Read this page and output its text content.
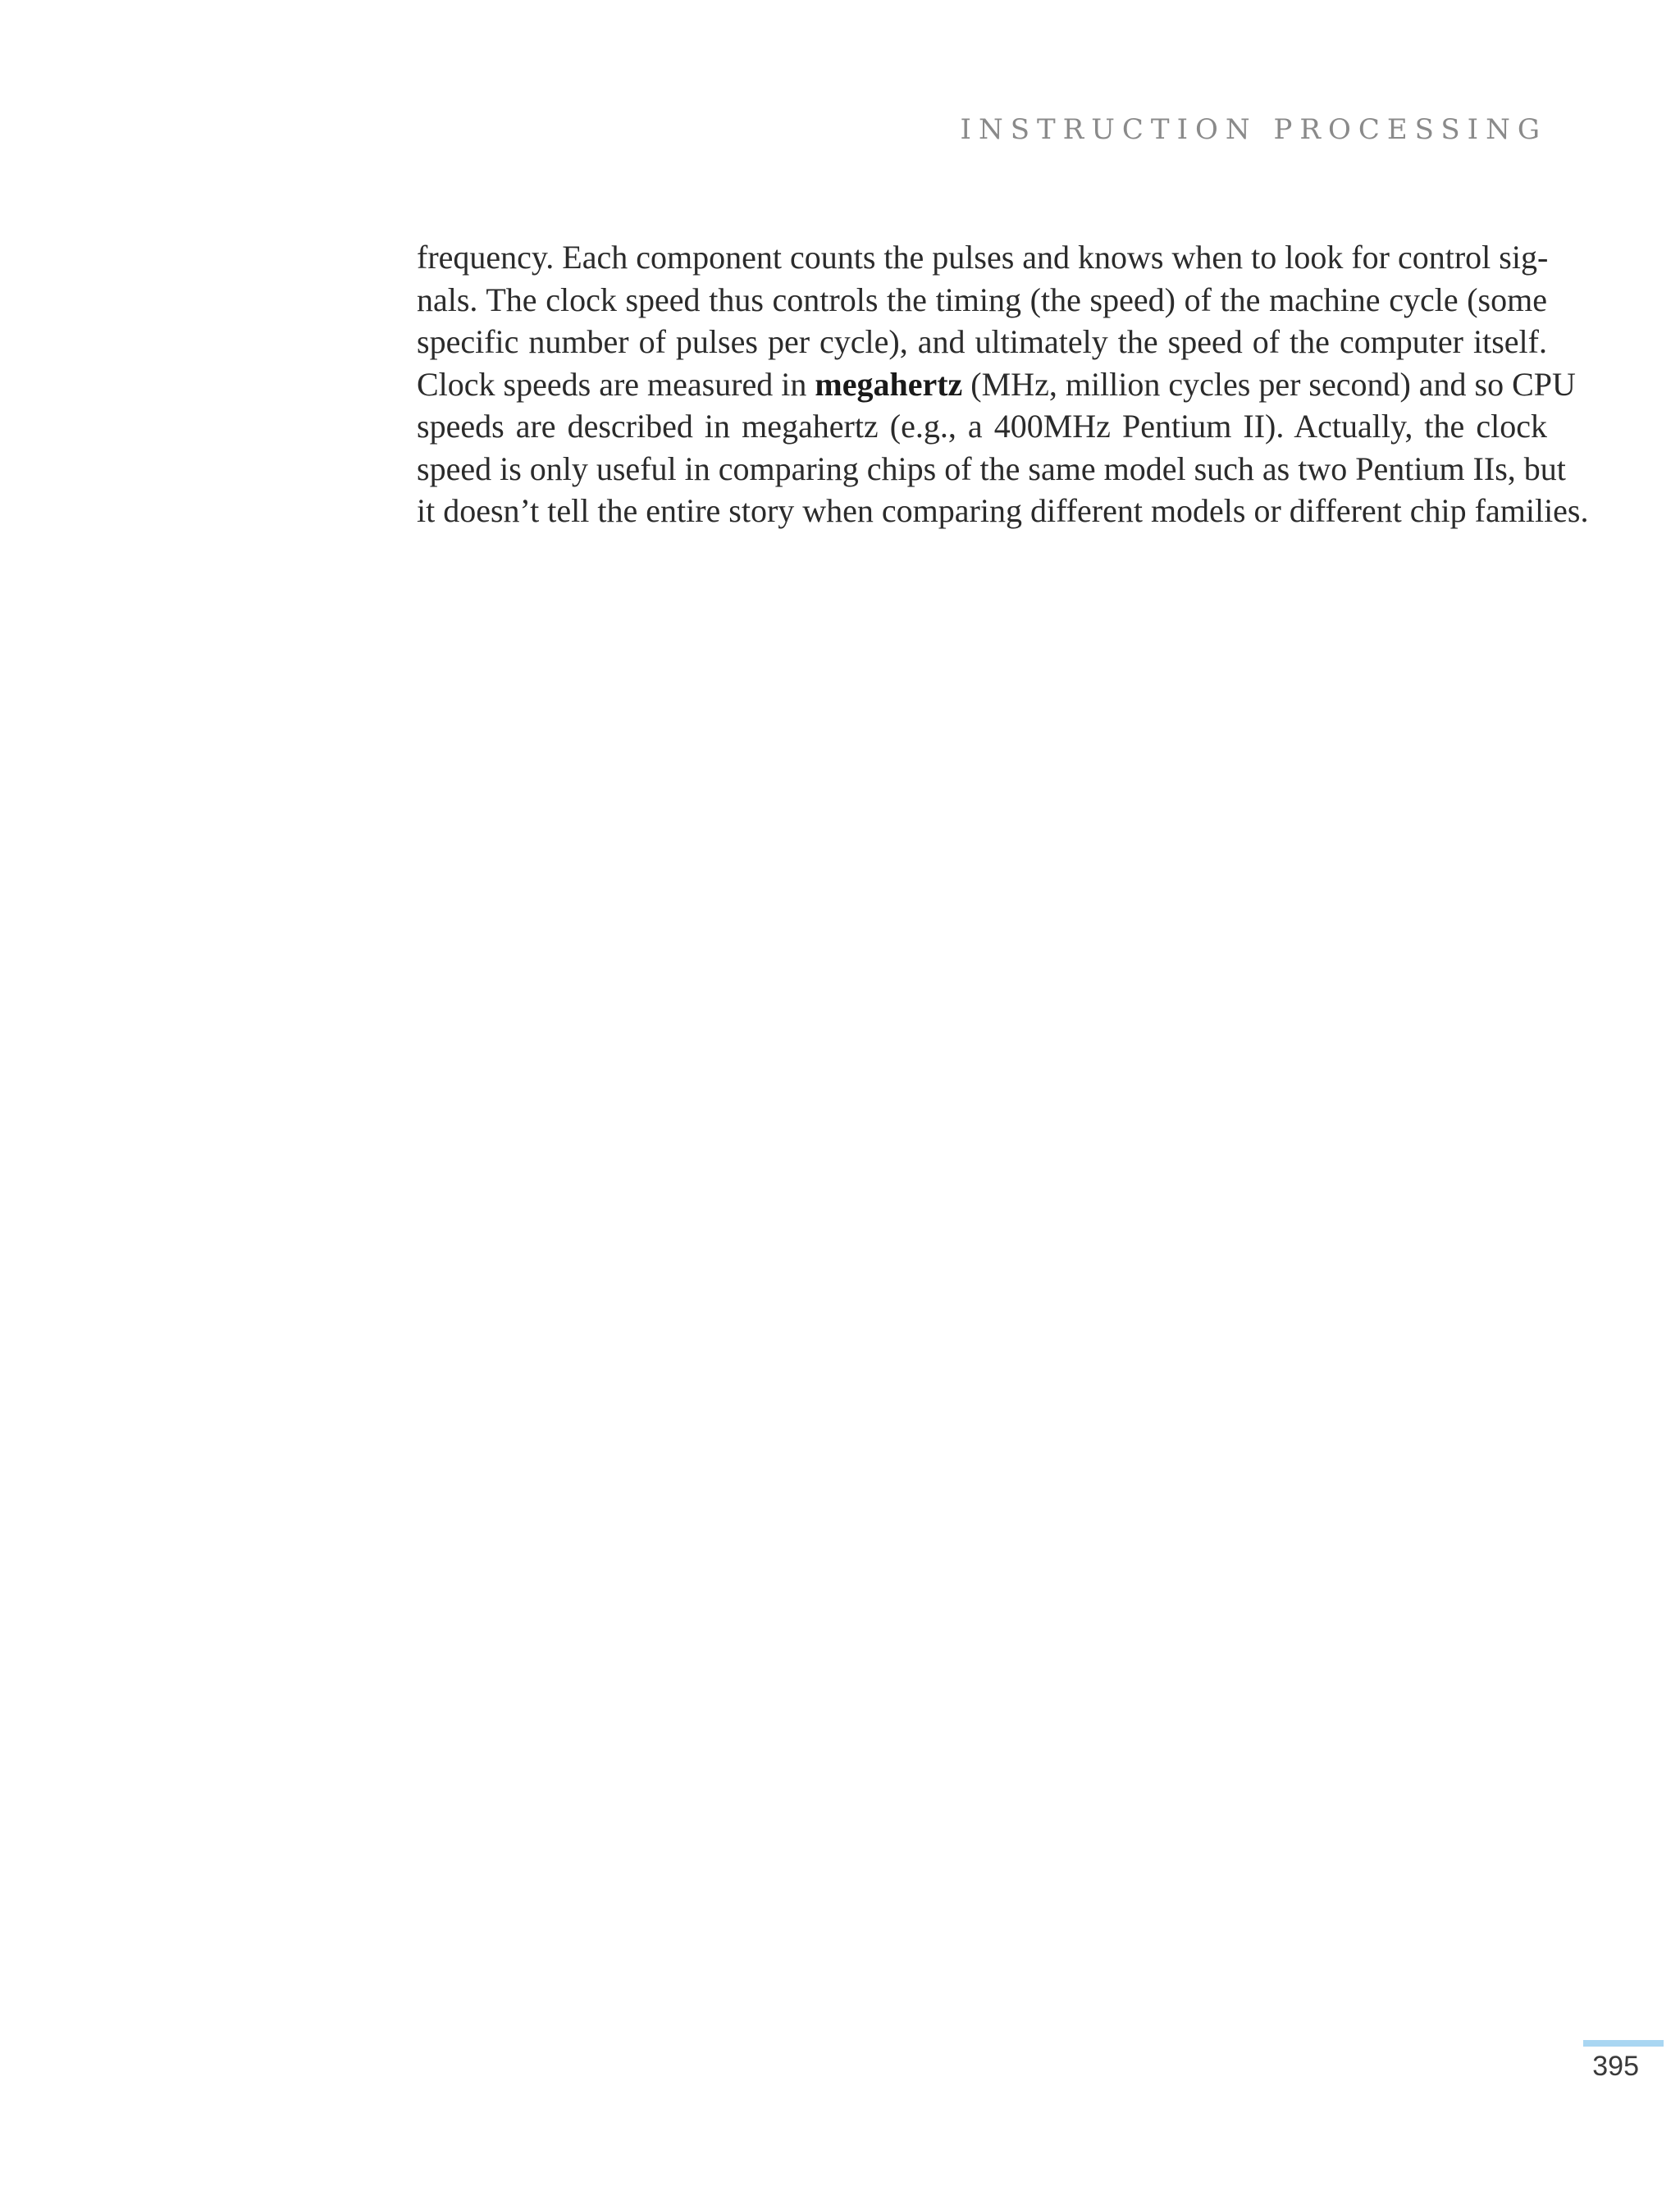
INSTRUCTION PROCESSING
frequency. Each component counts the pulses and knows when to look for control sig-
nals. The clock speed thus controls the timing (the speed) of the machine cycle (some
specific number of pulses per cycle), and ultimately the speed of the computer itself.
Clock speeds are measured in megahertz (MHz, million cycles per second) and so CPU
speeds are described in megahertz (e.g., a 400MHz Pentium II). Actually, the clock
speed is only useful in comparing chips of the same model such as two Pentium IIs, but
it doesn’t tell the entire story when comparing different models or different chip families.
395
